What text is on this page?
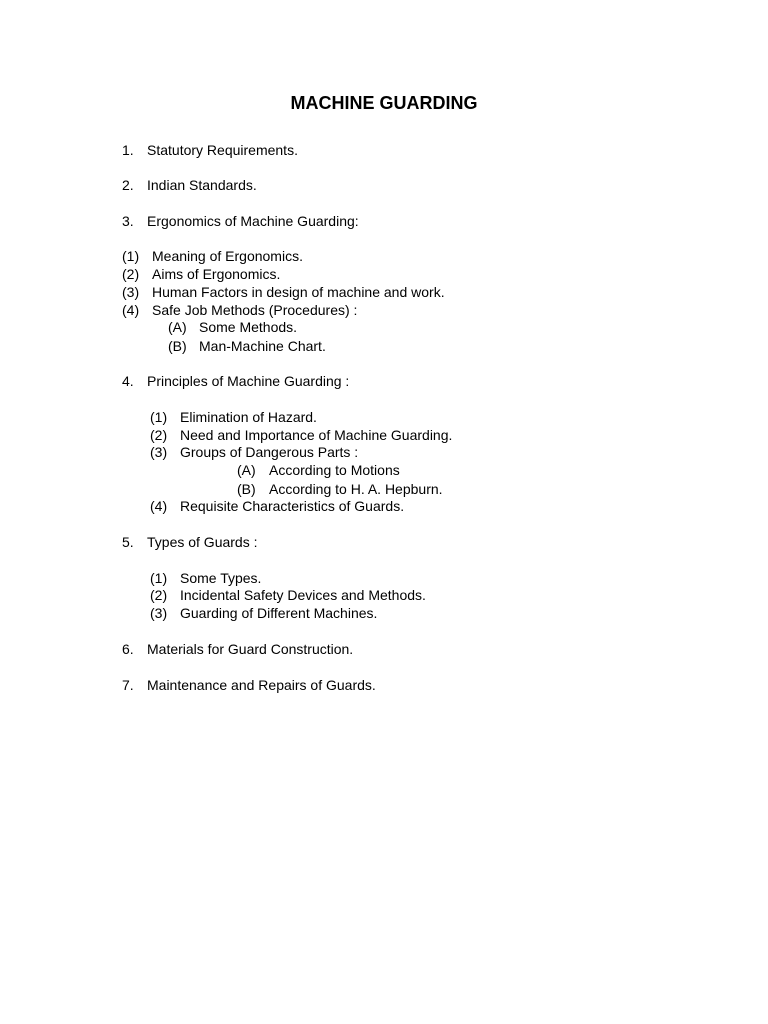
MACHINE GUARDING
1. Statutory Requirements.
2. Indian Standards.
3. Ergonomics of Machine Guarding:
(1) Meaning of Ergonomics.
(2) Aims of Ergonomics.
(3) Human Factors in design of machine and work.
(4) Safe Job Methods (Procedures) :
(A) Some Methods.
(B) Man-Machine Chart.
4. Principles of Machine Guarding :
(1) Elimination of Hazard.
(2) Need and Importance of Machine Guarding.
(3) Groups of Dangerous Parts :
(A) According to Motions
(B) According to H. A. Hepburn.
(4) Requisite Characteristics of Guards.
5. Types of Guards :
(1) Some Types.
(2) Incidental Safety Devices and Methods.
(3) Guarding of Different Machines.
6. Materials for Guard Construction.
7. Maintenance and Repairs of Guards.
